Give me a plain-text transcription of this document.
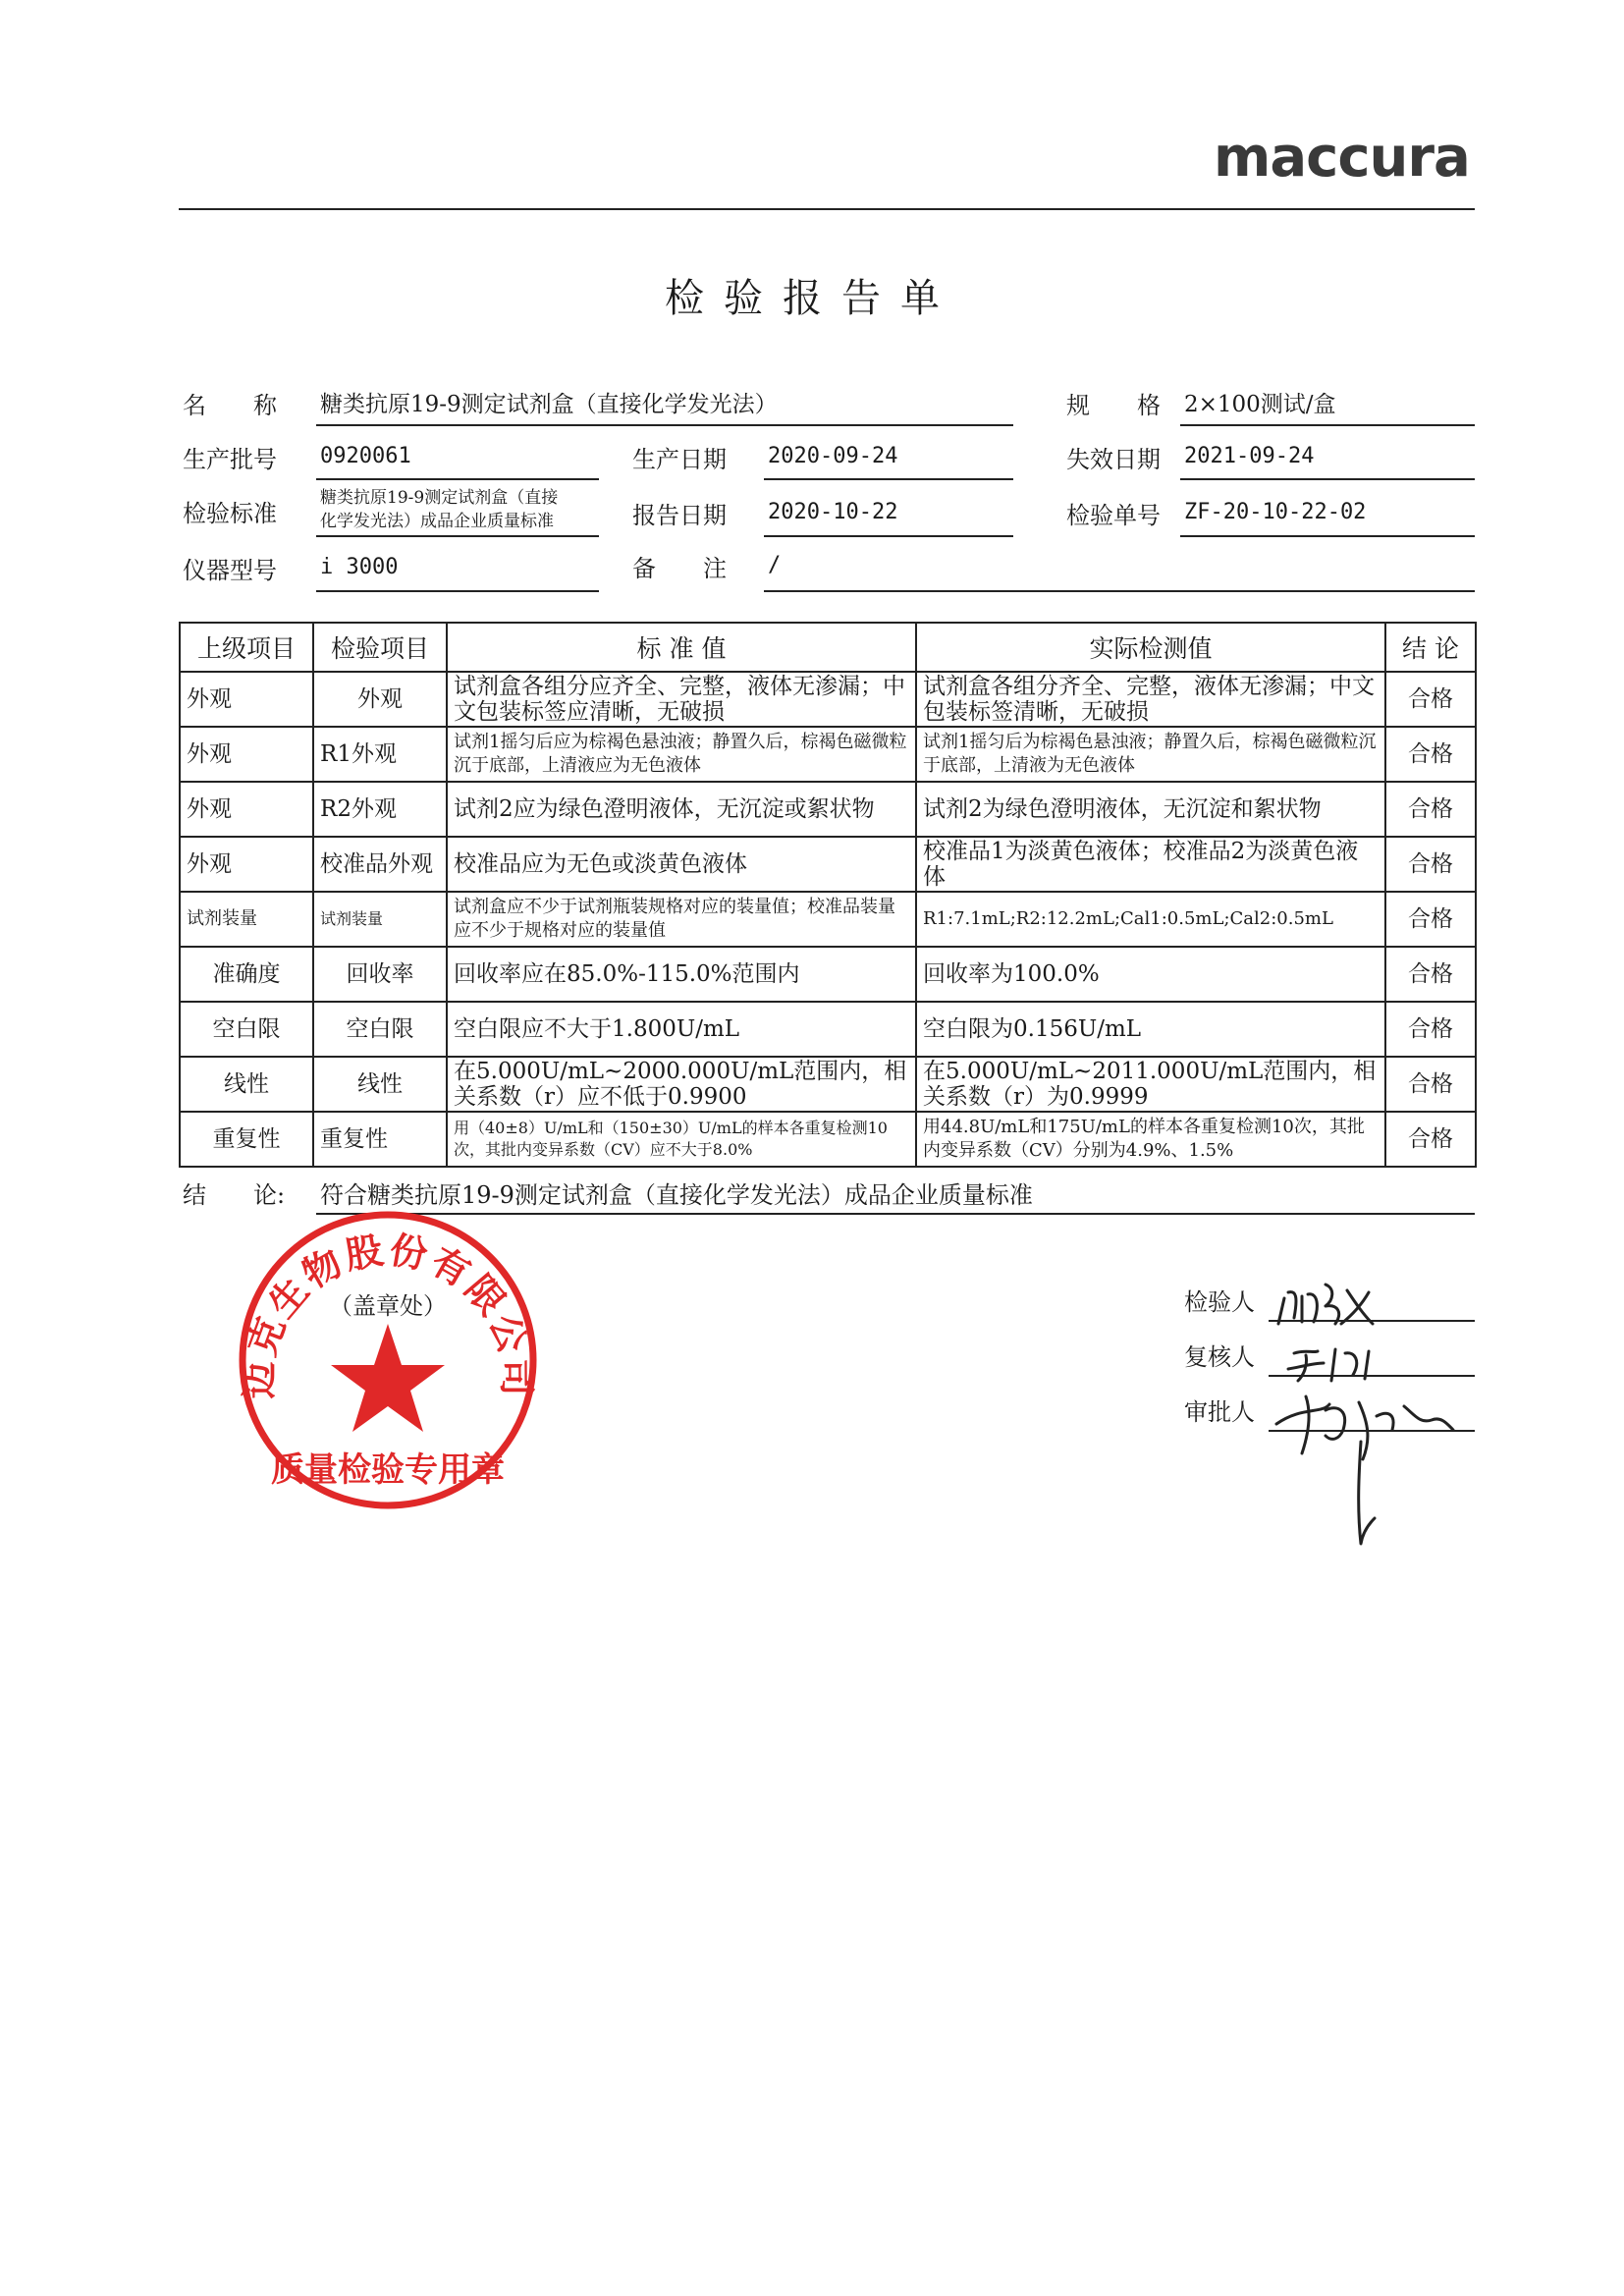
maccura
检验报告单
名　　称 糖类抗原19-9测定试剂盒（直接化学发光法）	规　　格 2×100测试/盒
生产批号 0920061	生产日期 2020-09-24	失效日期 2021-09-24
检验标准
糖类抗原19-9测定试剂盒（直接
化学发光法）成品企业质量标准	报告日期 2020-10-22	检验单号 ZF-20-10-22-02
仪器型号 i 3000	备　　注 /
上级项目	检验项目	标 准 值	实际检测值	结 论
外观	外观	试剂盒各组分应齐全、完整，液体无渗漏；中文包装标签应清晰，无破损	试剂盒各组分齐全、完整，液体无渗漏；中文包装标签清晰，无破损	合格
外观	R1外观	试剂1摇匀后应为棕褐色悬浊液；静置久后，棕褐色磁微粒沉于底部，上清液应为无色液体	试剂1摇匀后为棕褐色悬浊液；静置久后，棕褐色磁微粒沉于底部，上清液为无色液体	合格
外观	R2外观	试剂2应为绿色澄明液体，无沉淀或絮状物	试剂2为绿色澄明液体，无沉淀和絮状物	合格
外观	校准品外观	校准品应为无色或淡黄色液体	校准品1为淡黄色液体；校准品2为淡黄色液体	合格
试剂装量	试剂装量	试剂盒应不少于试剂瓶装规格对应的装量值；校准品装量应不少于规格对应的装量值	R1:7.1mL;R2:12.2mL;Cal1:0.5mL;Cal2:0.5mL	合格
准确度	回收率	回收率应在85.0%-115.0%范围内	回收率为100.0%	合格
空白限	空白限	空白限应不大于1.800U/mL	空白限为0.156U/mL	合格
线性	线性	在5.000U/mL~2000.000U/mL范围内，相关系数（r）应不低于0.9900	在5.000U/mL~2011.000U/mL范围内，相关系数（r）为0.9999	合格
重复性	重复性	用（40±8）U/mL和（150±30）U/mL的样本各重复检测10次，其批内变异系数（CV）应不大于8.0%	用44.8U/mL和175U/mL的样本各重复检测10次，其批内变异系数（CV）分别为4.9%、1.5%	合格
结　　论: 符合糖类抗原19-9测定试剂盒（直接化学发光法）成品企业质量标准
检验人
复核人
审批人
迈克生物股份有限公司
（盖章处）
质量检验专用章
